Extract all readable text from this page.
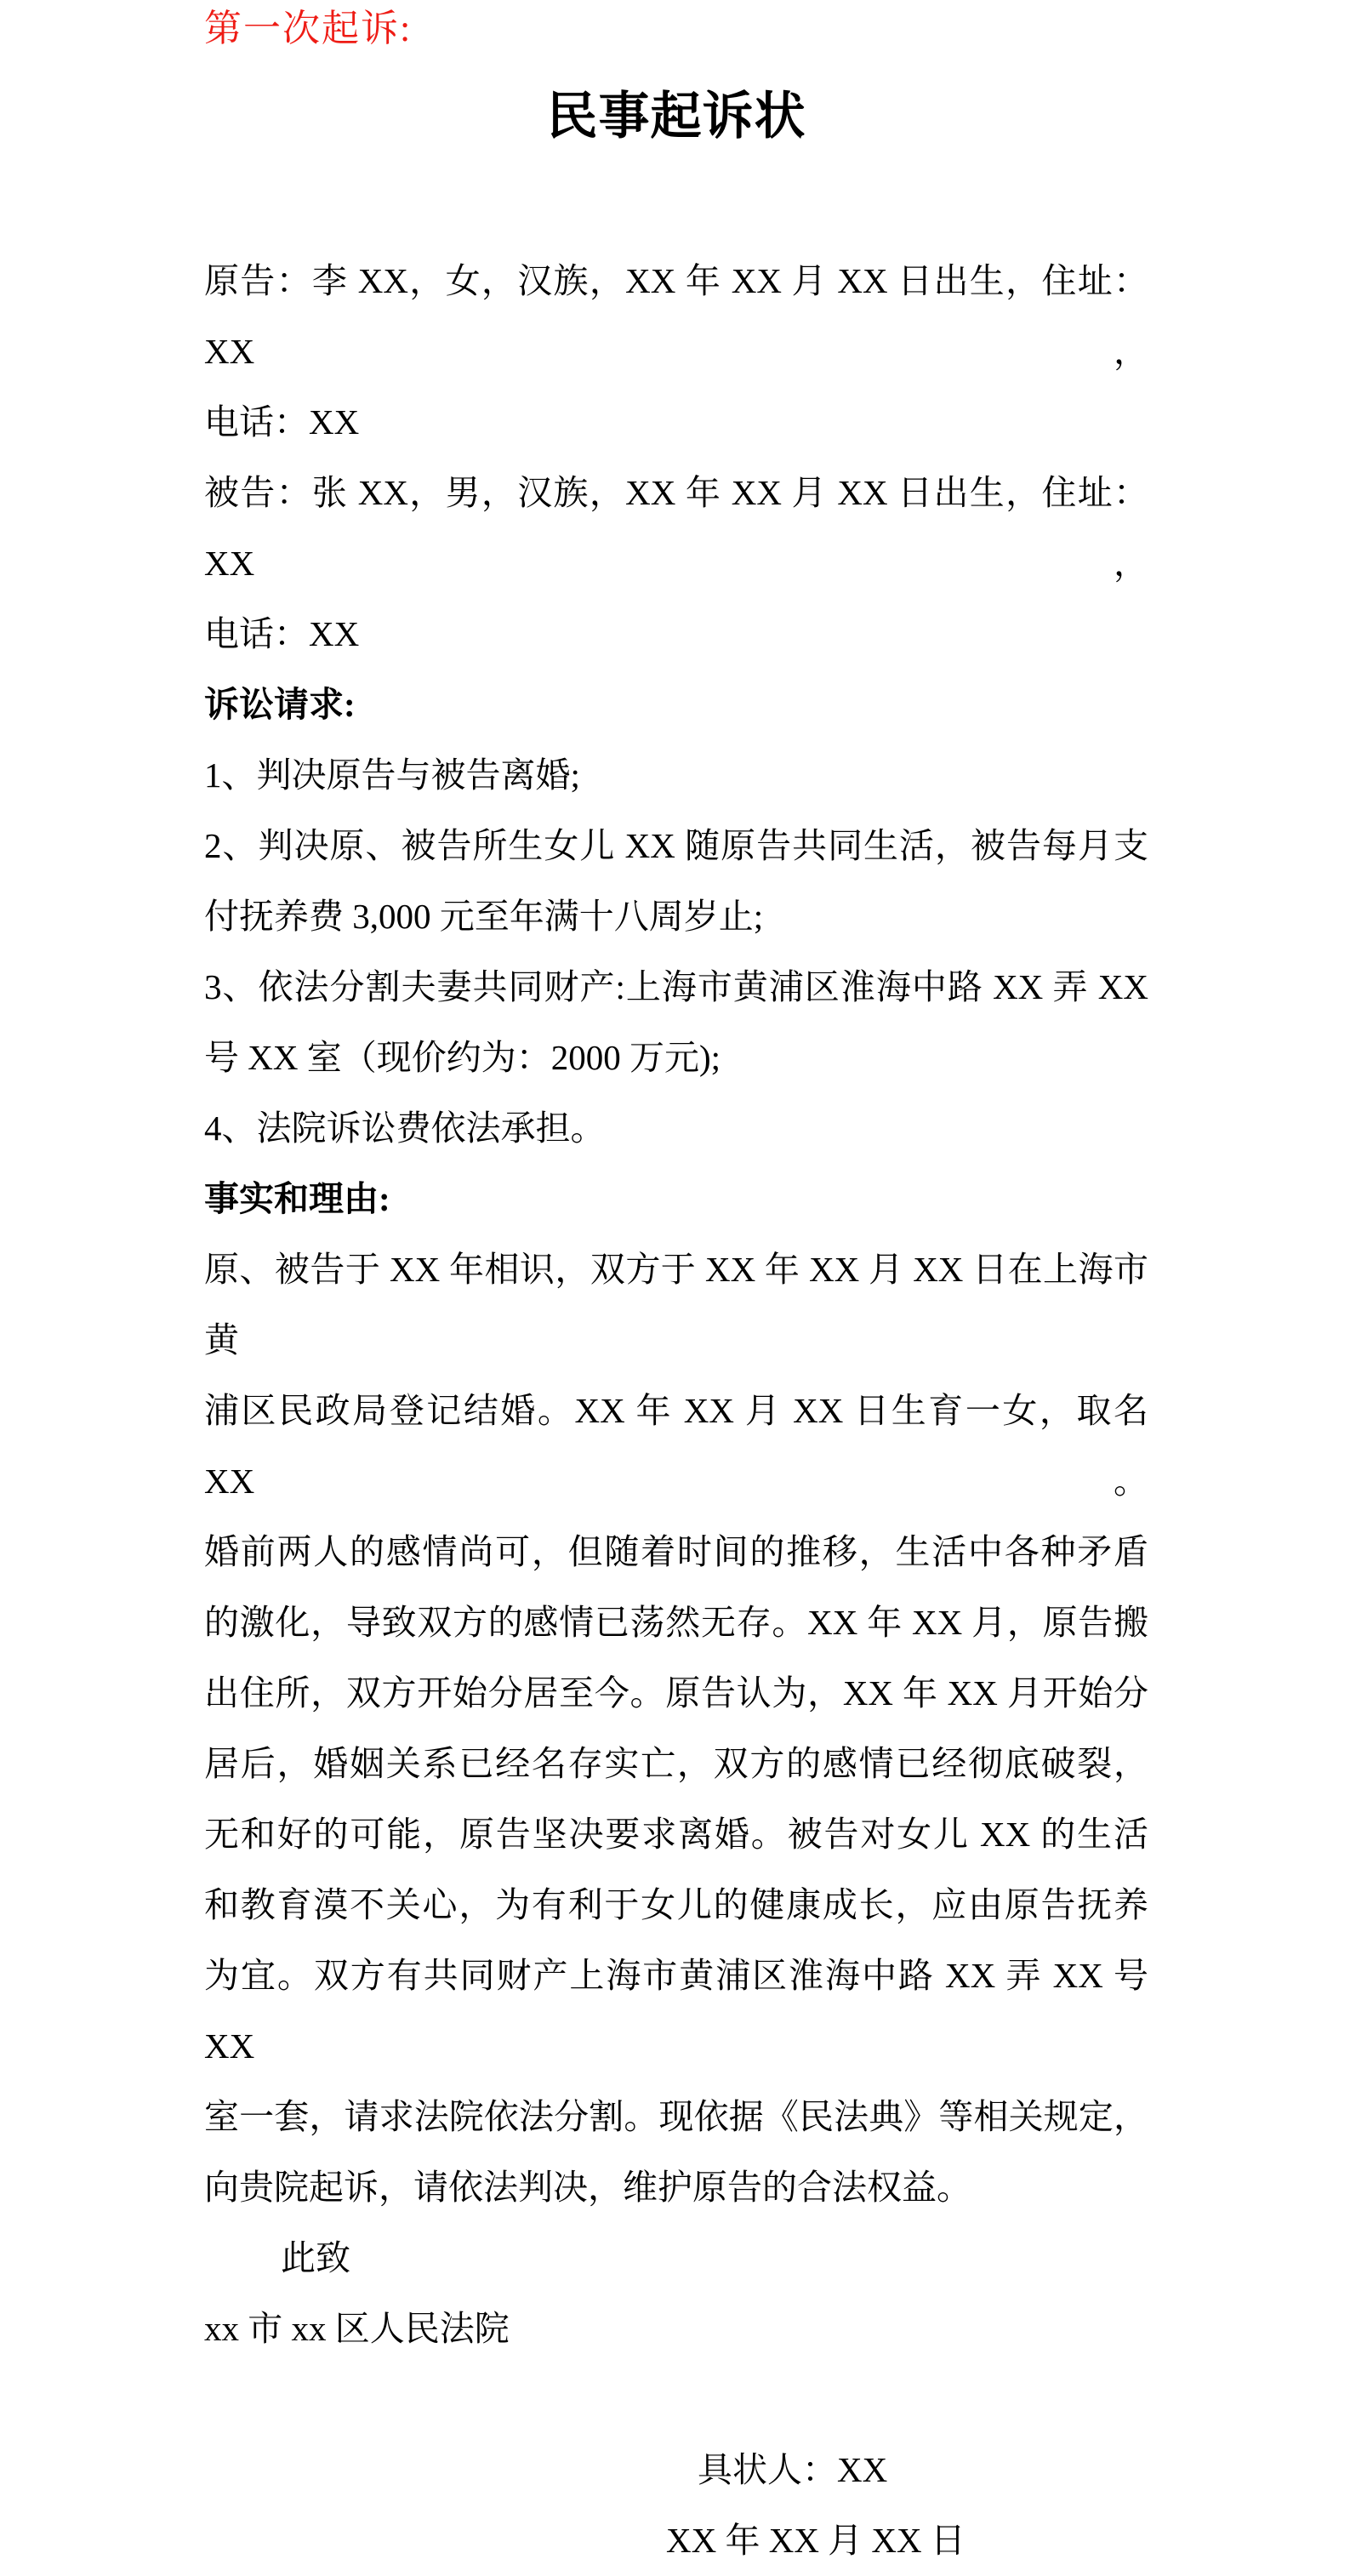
第一次起诉:
民事起诉状
原告：李 XX，女，汉族，XX 年 XX 月 XX 日出生，住址：XX，
电话：XX
被告：张 XX，男，汉族，XX 年 XX 月 XX 日出生，住址：XX，
电话：XX
诉讼请求:
1、判决原告与被告离婚;
2、判决原、被告所生女儿 XX 随原告共同生活，被告每月支
付抚养费 3,000 元至年满十八周岁止;
3、依法分割夫妻共同财产:上海市黄浦区淮海中路 XX 弄 XX
号 XX 室（现价约为：2000 万元);
4、法院诉讼费依法承担。
事实和理由:
原、被告于 XX 年相识，双方于 XX 年 XX 月 XX 日在上海市黄
浦区民政局登记结婚。XX 年 XX 月 XX 日生育一女，取名 XX。
婚前两人的感情尚可，但随着时间的推移，生活中各种矛盾
的激化，导致双方的感情已荡然无存。XX 年 XX 月，原告搬
出住所，双方开始分居至今。原告认为，XX 年 XX 月开始分
居后，婚姻关系已经名存实亡，双方的感情已经彻底破裂，
无和好的可能，原告坚决要求离婚。被告对女儿 XX 的生活
和教育漠不关心，为有利于女儿的健康成长，应由原告抚养
为宜。双方有共同财产上海市黄浦区淮海中路 XX 弄 XX 号 XX
室一套，请求法院依法分割。现依据《民法典》等相关规定，
向贵院起诉，请依法判决，维护原告的合法权益。
此致
xx 市 xx 区人民法院
具状人：XX
XX 年 XX 月 XX 日
